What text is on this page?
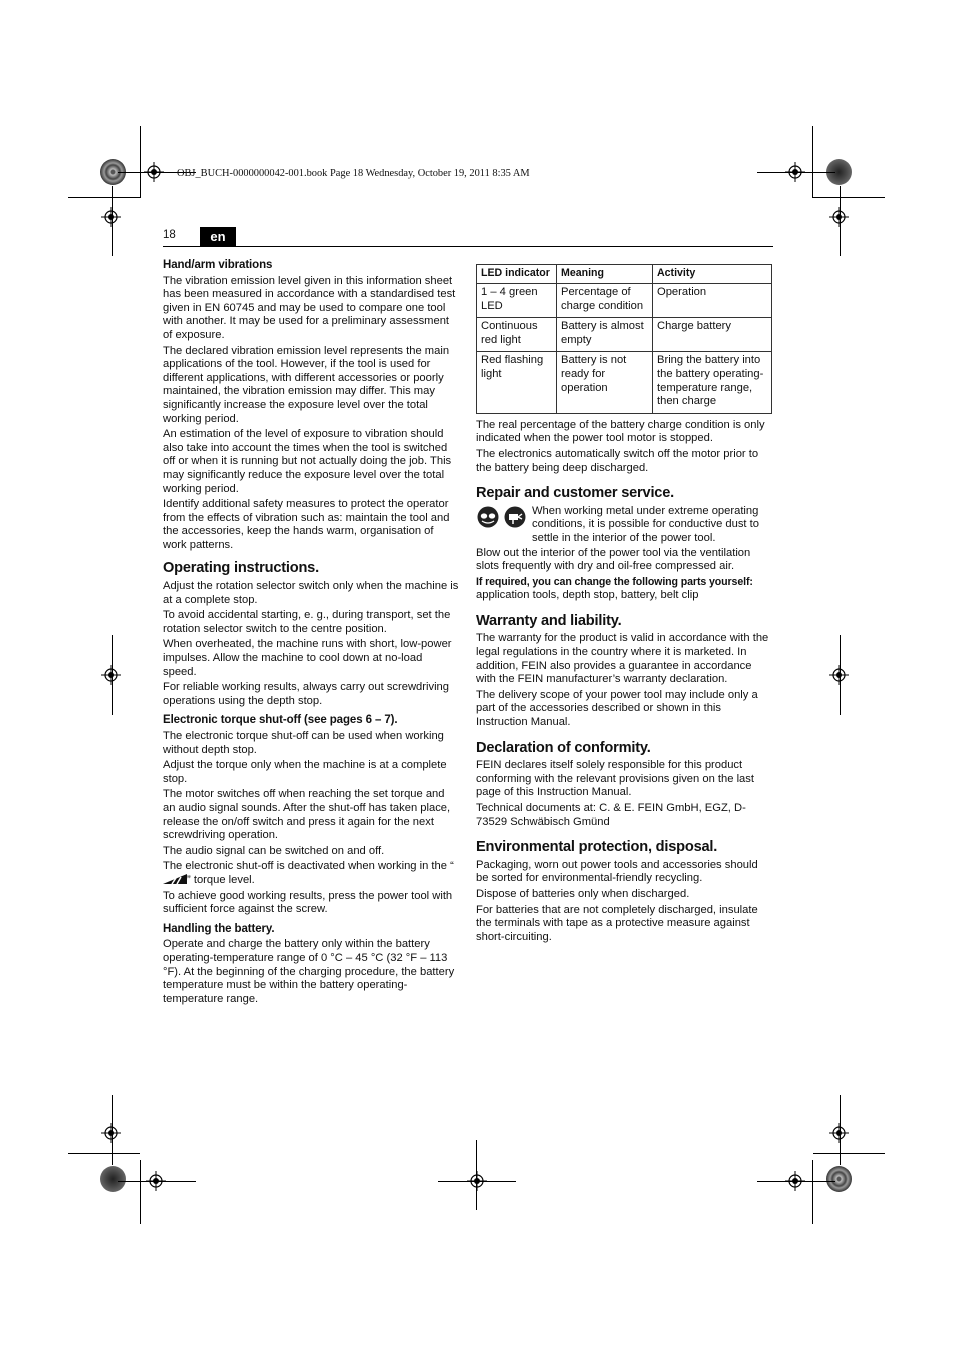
OBJ_BUCH-0000000042-001.book Page 18 Wednesday, October 19, 2011 8:35 AM
18	en
Hand/arm vibrations

The vibration emission level given in this information sheet has been measured in accordance with a standardised test given in EN 60745 and may be used to compare one tool with another. It may be used for a preliminary assessment of exposure.

The declared vibration emission level represents the main applications of the tool. However, if the tool is used for different applications, with different accessories or poorly maintained, the vibration emission may differ. This may significantly increase the exposure level over the total working period.

An estimation of the level of exposure to vibration should also take into account the times when the tool is switched off or when it is running but not actually doing the job. This may significantly reduce the exposure level over the total working period.

Identify additional safety measures to protect the operator from the effects of vibration such as: maintain the tool and the accessories, keep the hands warm, organisation of work patterns.

Operating instructions.

Adjust the rotation selector switch only when the machine is at a complete stop.

To avoid accidental starting, e. g., during transport, set the rotation selector switch to the centre position.

When overheated, the machine runs with short, low-power impulses. Allow the machine to cool down at no-load speed.

For reliable working results, always carry out screwdriving operations using the depth stop.

Electronic torque shut-off (see pages 6 – 7).

The electronic torque shut-off can be used when working without depth stop.

Adjust the torque only when the machine is at a complete stop.

The motor switches off when reaching the set torque and an audio signal sounds. After the shut-off has taken place, release the on/off switch and press it again for the next screwdriving operation.

The audio signal can be switched on and off.

The electronic shut-off is deactivated when working in the “” torque level.

To achieve good working results, press the power tool with sufficient force against the screw.

Handling the battery.

Operate and charge the battery only within the battery operating-temperature range of 0 °C – 45 °C (32 °F – 113 °F). At the beginning of the charging procedure, the battery temperature must be within the battery operating-temperature range.

LED indicator	Meaning	Activity
1 – 4 green LED	Percentage of charge condition	Operation
Continuous red light	Battery is almost empty	Charge battery
Red flashing light	Battery is not ready for operation	Bring the battery into the battery operating-temperature range, then charge

The real percentage of the battery charge condition is only indicated when the power tool motor is stopped.

The electronics automatically switch off the motor prior to the battery being deep discharged.

Repair and customer service.

When working metal under extreme operating conditions, it is possible for conductive dust to settle in the interior of the power tool.

Blow out the interior of the power tool via the ventilation slots frequently with dry and oil-free compressed air.

If required, you can change the following parts yourself:

application tools, depth stop, battery, belt clip

Warranty and liability.

The warranty for the product is valid in accordance with the legal regulations in the country where it is marketed. In addition, FEIN also provides a guarantee in accordance with the FEIN manufacturer’s warranty declaration.

The delivery scope of your power tool may include only a part of the accessories described or shown in this Instruction Manual.

Declaration of conformity.

FEIN declares itself solely responsible for this product conforming with the relevant provisions given on the last page of this Instruction Manual.

Technical documents at: C. & E. FEIN GmbH, EGZ, D-73529 Schwäbisch Gmünd

Environmental protection, disposal.

Packaging, worn out power tools and accessories should be sorted for environmental-friendly recycling.

Dispose of batteries only when discharged.

For batteries that are not completely discharged, insulate the terminals with tape as a protective measure against short-circuiting.
